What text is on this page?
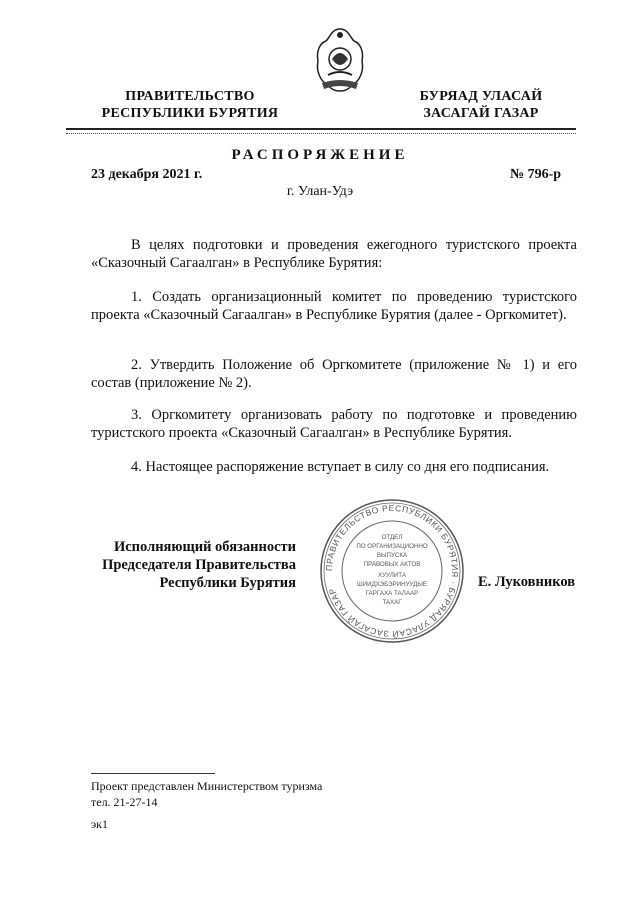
ПРАВИТЕЛЬСТВО
РЕСПУБЛИКИ БУРЯТИЯ
БУРЯАД УЛАСАЙ
ЗАСАГАЙ ГАЗАР
РАСПОРЯЖЕНИЕ
23 декабря 2021 г.	№ 796-р
г. Улан-Удэ
В целях подготовки и проведения ежегодного туристского проекта «Сказочный Сагаалган» в Республике Бурятия:
1. Создать организационный комитет по проведению туристского проекта «Сказочный Сагаалган» в Республике Бурятия (далее - Оргкомитет).
2. Утвердить Положение об Оргкомитете (приложение № 1) и его состав (приложение № 2).
3. Оргкомитету организовать работу по подготовке и проведению туристского проекта «Сказочный Сагаалган» в Республике Бурятия.
4. Настоящее распоряжение вступает в силу со дня его подписания.
Исполняющий обязанности
Председателя Правительства
Республики Бурятия	Е. Луковников
ПРАВИТЕЛЬСТВО РЕСПУБЛИКИ БУРЯТИЯ · БУРЯАД УЛАСАЙ ЗАСАГАЙ ГАЗАР
ОТДЕЛ
ПО ОРГАНИЗАЦИОННО
ВЫПУСКА
ПРАВОВЫХ АКТОВ
ХУУЛИТА
ШИИДХЭБЭРИНУУДЫЕ
ГАРГАХА ТАЛААР
ТАХАГ
Проект представлен Министерством туризма
тел. 21-27-14
эк1
